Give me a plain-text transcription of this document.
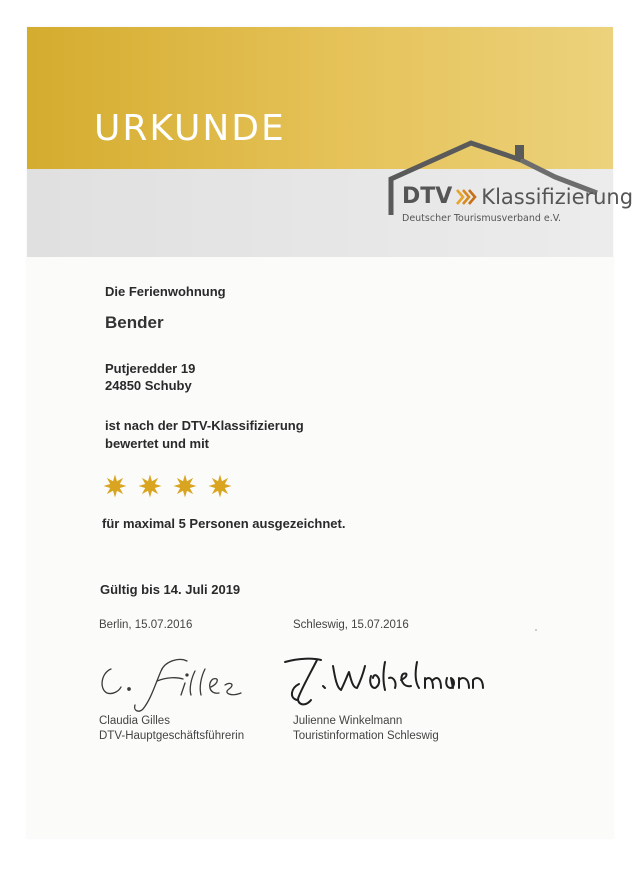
URKUNDE
DTV Klassifizierung
Deutscher Tourismusverband e.V.
Die Ferienwohnung
Bender
Putjeredder 19
24850 Schuby
ist nach der DTV-Klassifizierung
bewertet und mit
für maximal 5 Personen ausgezeichnet.
Gültig bis 14. Juli 2019
Berlin, 15.07.2016	Schleswig, 15.07.2016
Claudia Gilles
DTV-Hauptgeschäftsführerin
Julienne Winkelmann
Touristinformation Schleswig
